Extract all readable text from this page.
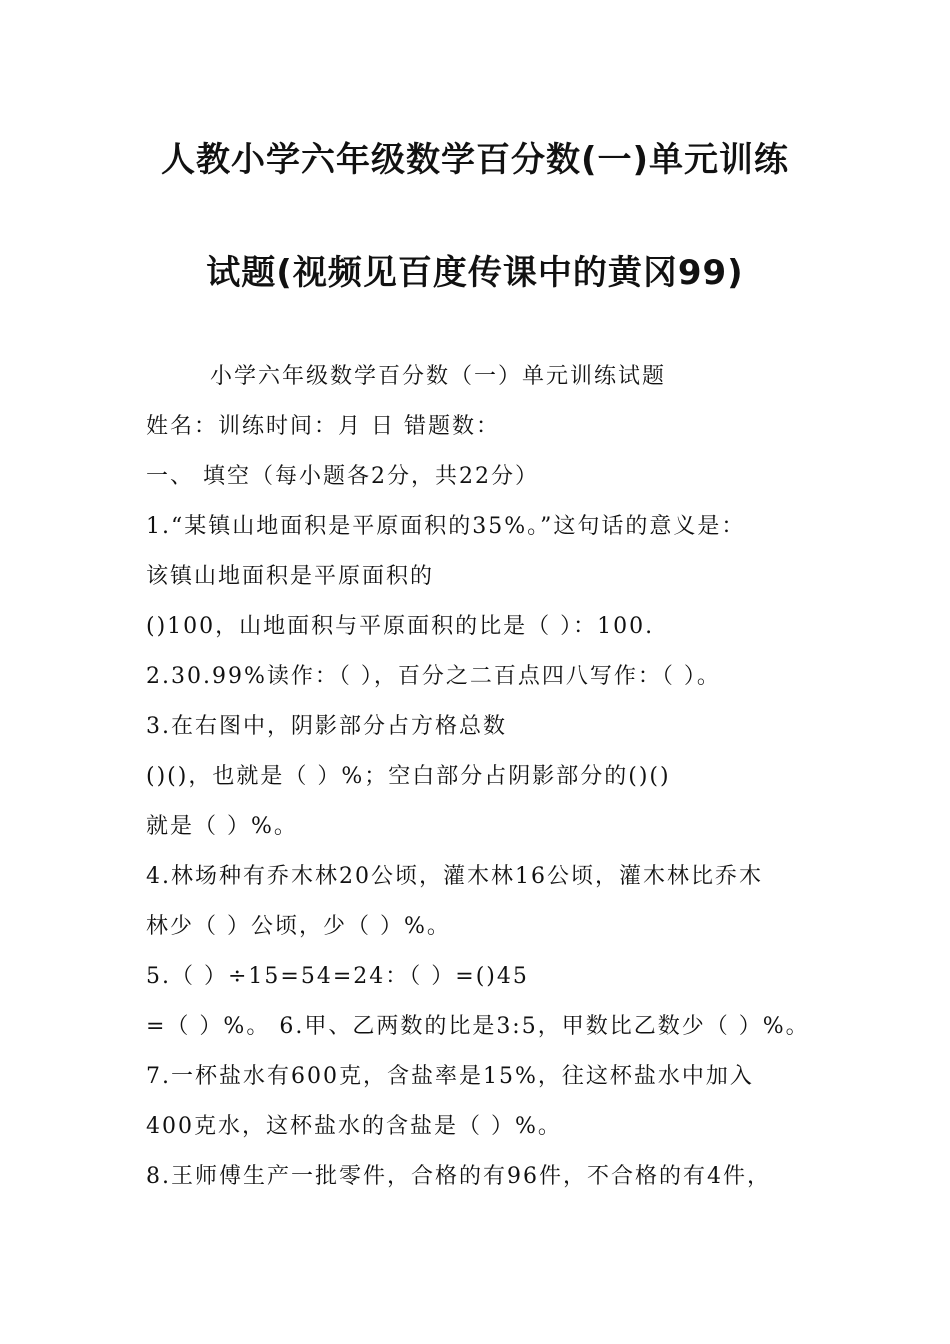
人教小学六年级数学百分数(一)单元训练
试题(视频见百度传课中的黄冈99)
小学六年级数学百分数（一）单元训练试题
姓名：训练时间：月 日 错题数：
一、 填空（每小题各2分，共22分）
1.“某镇山地面积是平原面积的35%。”这句话的意义是：
该镇山地面积是平原面积的
()100，山地面积与平原面积的比是（ ）：100.
2.30.99%读作：（ ），百分之二百点四八写作：（ ）。
3.在右图中，阴影部分占方格总数
()()，也就是（ ）%；空白部分占阴影部分的()()
就是（ ）%。
4.林场种有乔木林20公顷，灌木林16公顷，灌木林比乔木
林少（ ）公顷，少（ ）%。
5.（ ）÷15=54=24：（ ）=()45
=（ ）%。 6.甲、乙两数的比是3:5，甲数比乙数少（ ）%。
7.一杯盐水有600克，含盐率是15%，往这杯盐水中加入
400克水，这杯盐水的含盐是（ ）%。
8.王师傅生产一批零件，合格的有96件，不合格的有4件，
